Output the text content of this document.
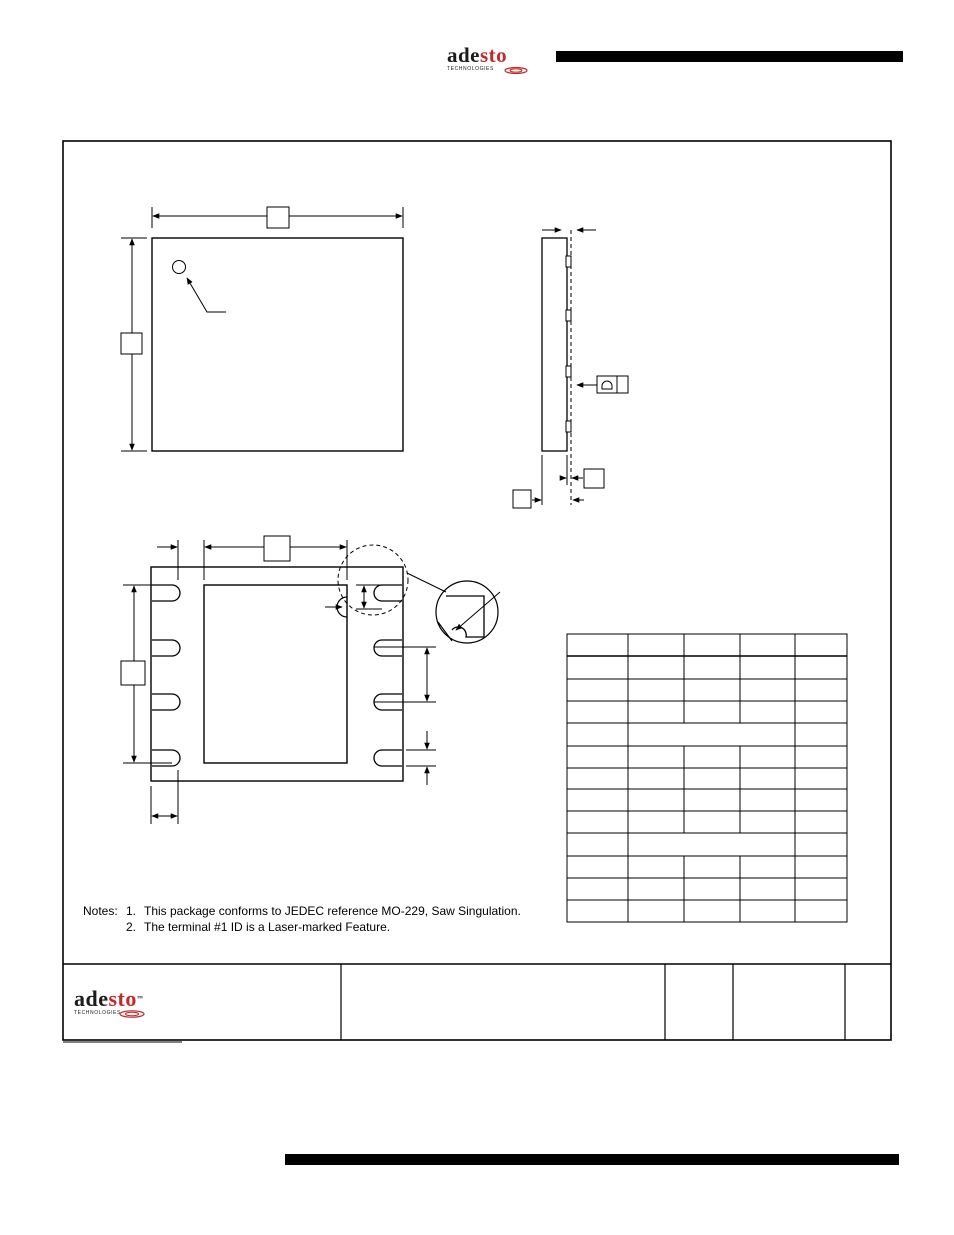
adesto
TECHNOLOGIES
Notes: 1. This package conforms to JEDEC reference MO-229, Saw Singulation.
2. The terminal #1 ID is a Laser-marked Feature.
adesto™
TECHNOLOGIES
